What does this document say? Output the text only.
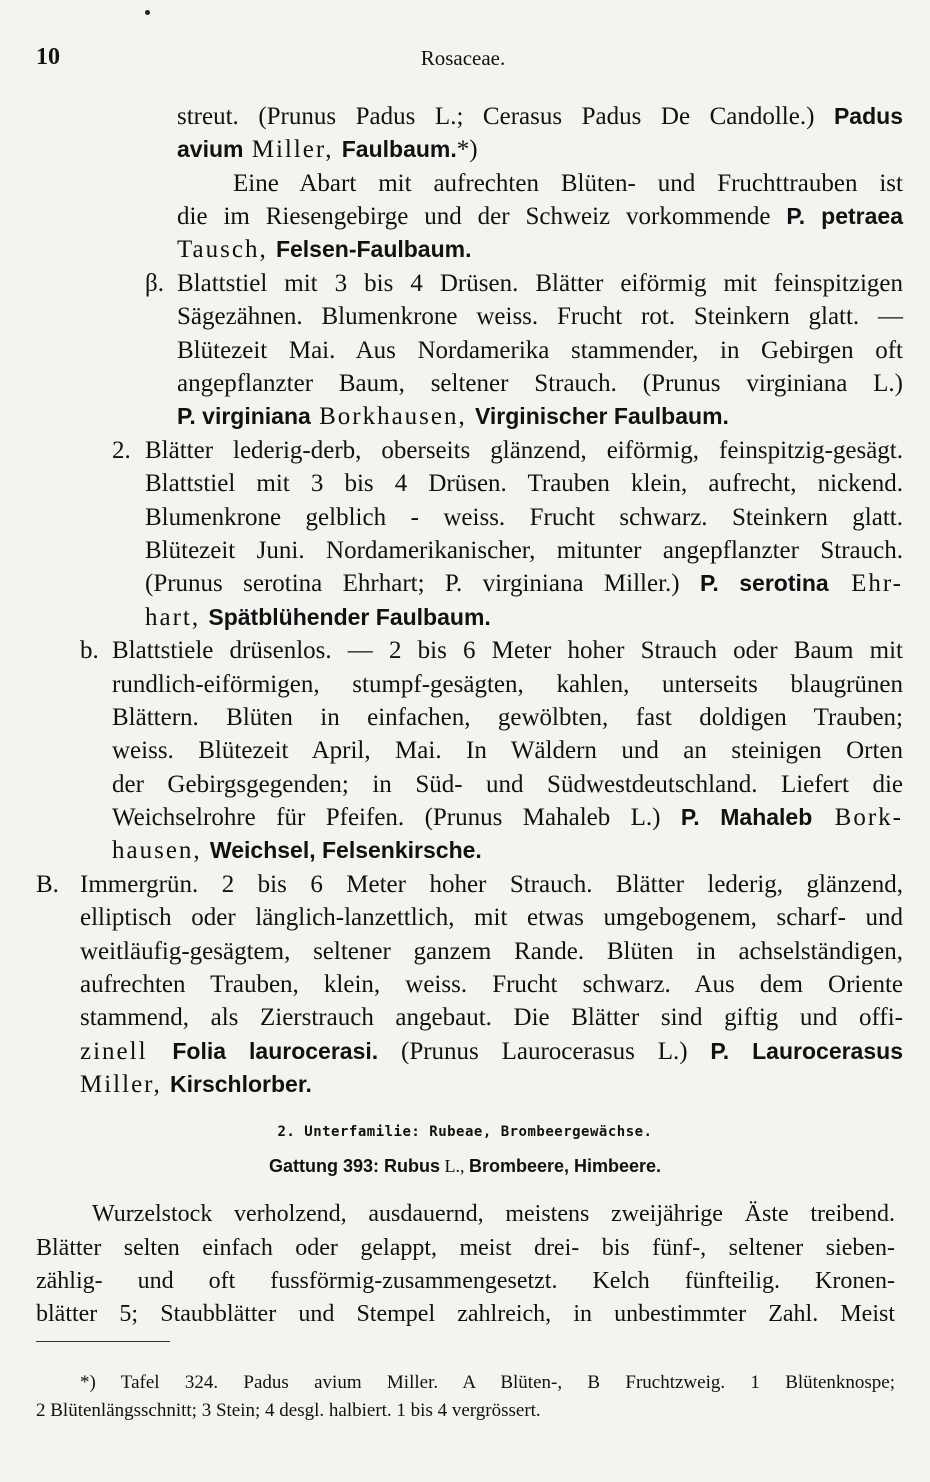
10	Rosaceae.
streut. (Prunus Padus L.; Cerasus Padus De Candolle.) Padus
avium Miller, Faulbaum.*)
Eine Abart mit aufrechten Blüten- und Fruchttrauben ist
die im Riesengebirge und der Schweiz vorkommende P. petraea
Tausch, Felsen-Faulbaum.
β. Blattstiel mit 3 bis 4 Drüsen. Blätter eiförmig mit feinspitzigen
Sägezähnen. Blumenkrone weiss. Frucht rot. Steinkern glatt. —
Blütezeit Mai. Aus Nordamerika stammender, in Gebirgen oft
angepflanzter Baum, seltener Strauch. (Prunus virginiana L.)
P. virginiana Borkhausen, Virginischer Faulbaum.
2. Blätter lederig-derb, oberseits glänzend, eiförmig, feinspitzig-gesägt.
Blattstiel mit 3 bis 4 Drüsen. Trauben klein, aufrecht, nickend.
Blumenkrone gelblich - weiss. Frucht schwarz. Steinkern glatt.
Blütezeit Juni. Nordamerikanischer, mitunter angepflanzter Strauch.
(Prunus serotina Ehrhart; P. virginiana Miller.) P. serotina Ehr-
hart, Spätblühender Faulbaum.
b. Blattstiele drüsenlos. — 2 bis 6 Meter hoher Strauch oder Baum mit
rundlich-eiförmigen, stumpf-gesägten, kahlen, unterseits blaugrünen
Blättern. Blüten in einfachen, gewölbten, fast doldigen Trauben;
weiss. Blütezeit April, Mai. In Wäldern und an steinigen Orten
der Gebirgsgegenden; in Süd- und Südwestdeutschland. Liefert die
Weichselrohre für Pfeifen. (Prunus Mahaleb L.) P. Mahaleb Bork-
hausen, Weichsel, Felsenkirsche.
B. Immergrün. 2 bis 6 Meter hoher Strauch. Blätter lederig, glänzend,
elliptisch oder länglich-lanzettlich, mit etwas umgebogenem, scharf- und
weitläufig-gesägtem, seltener ganzem Rande. Blüten in achselständigen,
aufrechten Trauben, klein, weiss. Frucht schwarz. Aus dem Oriente
stammend, als Zierstrauch angebaut. Die Blätter sind giftig und offi-
zinell Folia laurocerasi. (Prunus Laurocerasus L.) P. Laurocerasus
Miller, Kirschlorber.
2. Unterfamilie: Rubeae, Brombeergewächse.
Gattung 393: Rubus L., Brombeere, Himbeere.
Wurzelstock verholzend, ausdauernd, meistens zweijährige Äste treibend.
Blätter selten einfach oder gelappt, meist drei- bis fünf-, seltener sieben-
zählig- und oft fussförmig-zusammengesetzt. Kelch fünfteilig. Kronen-
blätter 5; Staubblätter und Stempel zahlreich, in unbestimmter Zahl. Meist
*) Tafel 324. Padus avium Miller. A Blüten-, B Fruchtzweig. 1 Blütenknospe;
2 Blütenlängsschnitt; 3 Stein; 4 desgl. halbiert. 1 bis 4 vergrössert.
